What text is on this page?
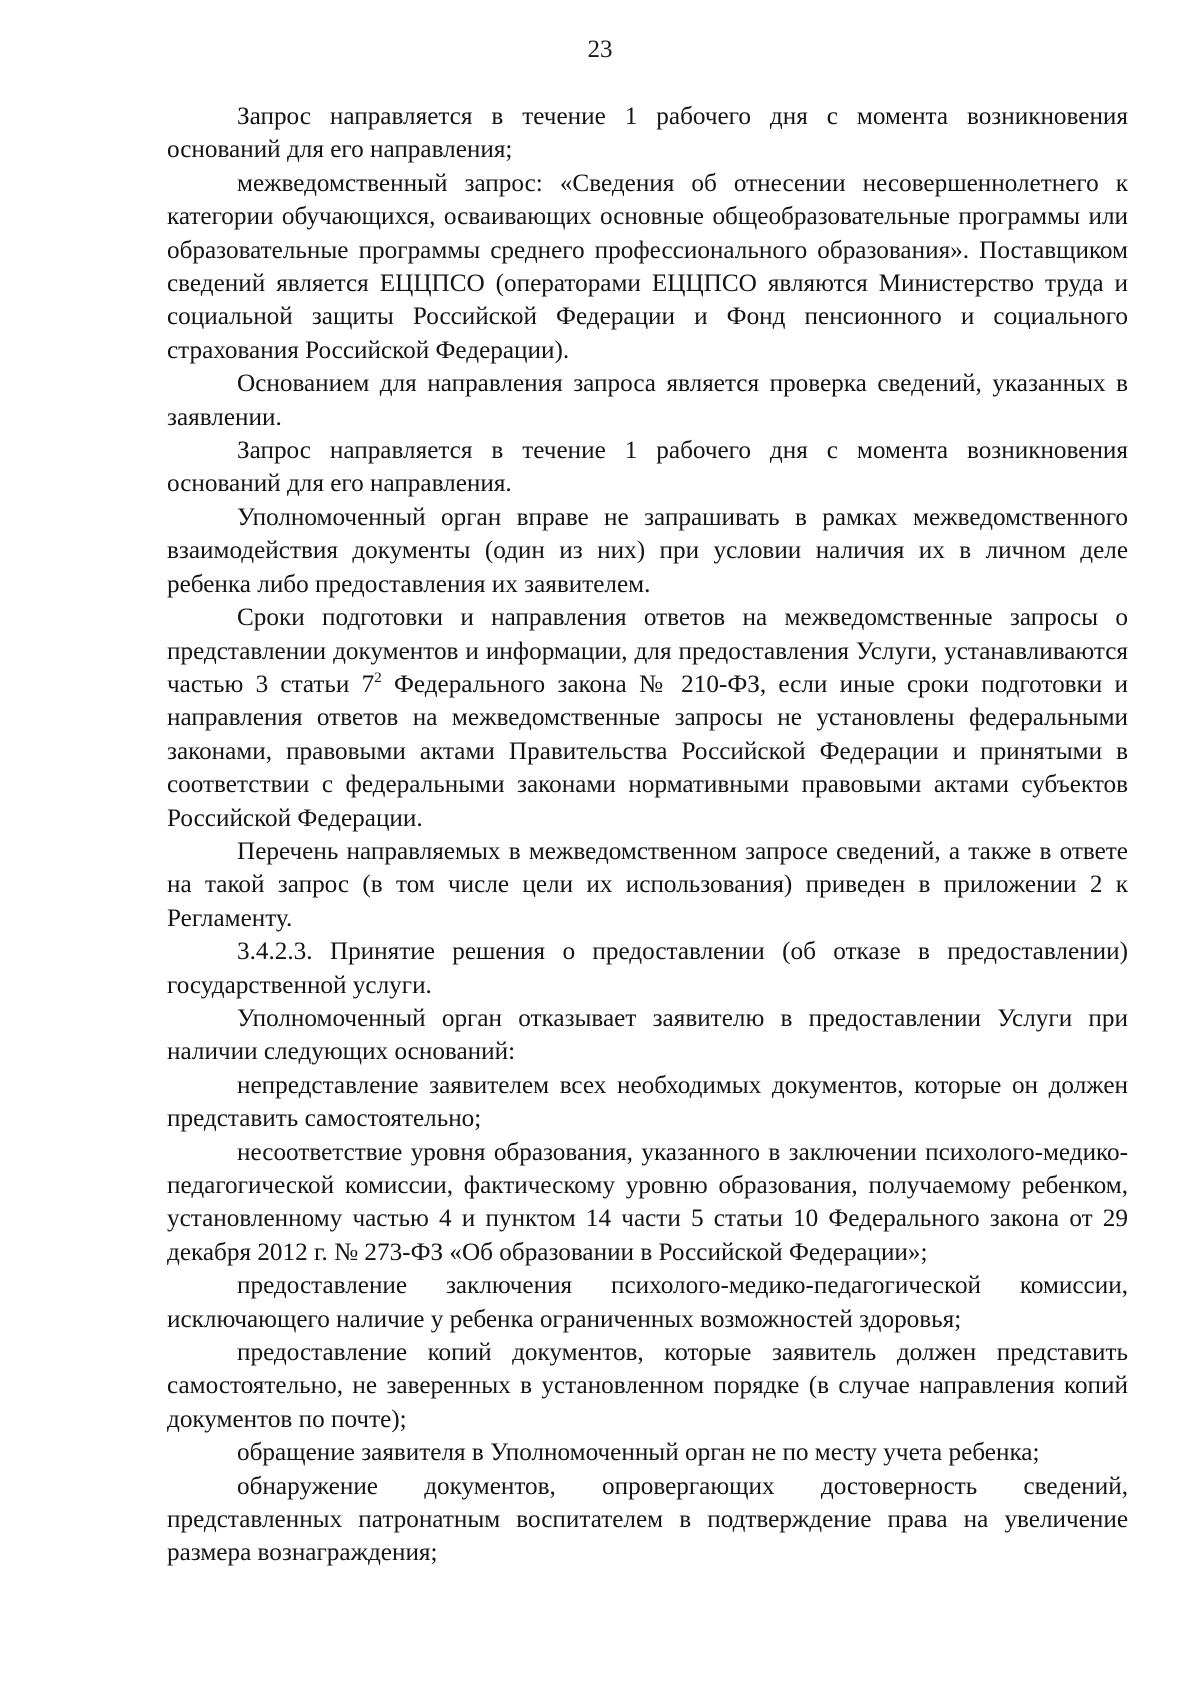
23

Запрос направляется в течение 1 рабочего дня с момента возникновения оснований для его направления;

межведомственный запрос: «Сведения об отнесении несовершеннолетнего к категории обучающихся, осваивающих основные общеобразовательные программы или образовательные программы среднего профессионального образования». Поставщиком сведений является ЕЦЦПСО (операторами ЕЦЦПСО являются Министерство труда и социальной защиты Российской Федерации и Фонд пенсионного и социального страхования Российской Федерации).

Основанием для направления запроса является проверка сведений, указанных в заявлении.

Запрос направляется в течение 1 рабочего дня с момента возникновения оснований для его направления.

Уполномоченный орган вправе не запрашивать в рамках межведомственного взаимодействия документы (один из них) при условии наличия их в личном деле ребенка либо предоставления их заявителем.

Сроки подготовки и направления ответов на межведомственные запросы о представлении документов и информации, для предоставления Услуги, устанавливаются частью 3 статьи $7^2$ Федерального закона № 210-ФЗ, если иные сроки подготовки и направления ответов на межведомственные запросы не установлены федеральными законами, правовыми актами Правительства Российской Федерации и принятыми в соответствии с федеральными законами нормативными правовыми актами субъектов Российской Федерации.

Перечень направляемых в межведомственном запросе сведений, а также в ответе на такой запрос (в том числе цели их использования) приведен в приложении 2 к Регламенту.

3.4.2.3. Принятие решения о предоставлении (об отказе в предоставлении) государственной услуги.

Уполномоченный орган отказывает заявителю в предоставлении Услуги при наличии следующих оснований:

непредставление заявителем всех необходимых документов, которые он должен представить самостоятельно;

несоответствие уровня образования, указанного в заключении психолого-медико-педагогической комиссии, фактическому уровню образования, получаемому ребенком, установленному частью 4 и пунктом 14 части 5 статьи 10 Федерального закона от 29 декабря 2012 г. № 273-ФЗ «Об образовании в Российской Федерации»;

предоставление заключения психолого-медико-педагогической комиссии, исключающего наличие у ребенка ограниченных возможностей здоровья;

предоставление копий документов, которые заявитель должен представить самостоятельно, не заверенных в установленном порядке (в случае направления копий документов по почте);

обращение заявителя в Уполномоченный орган не по месту учета ребенка;

обнаружение документов, опровергающих достоверность сведений, представленных патронатным воспитателем в подтверждение права на увеличение размера вознаграждения;
